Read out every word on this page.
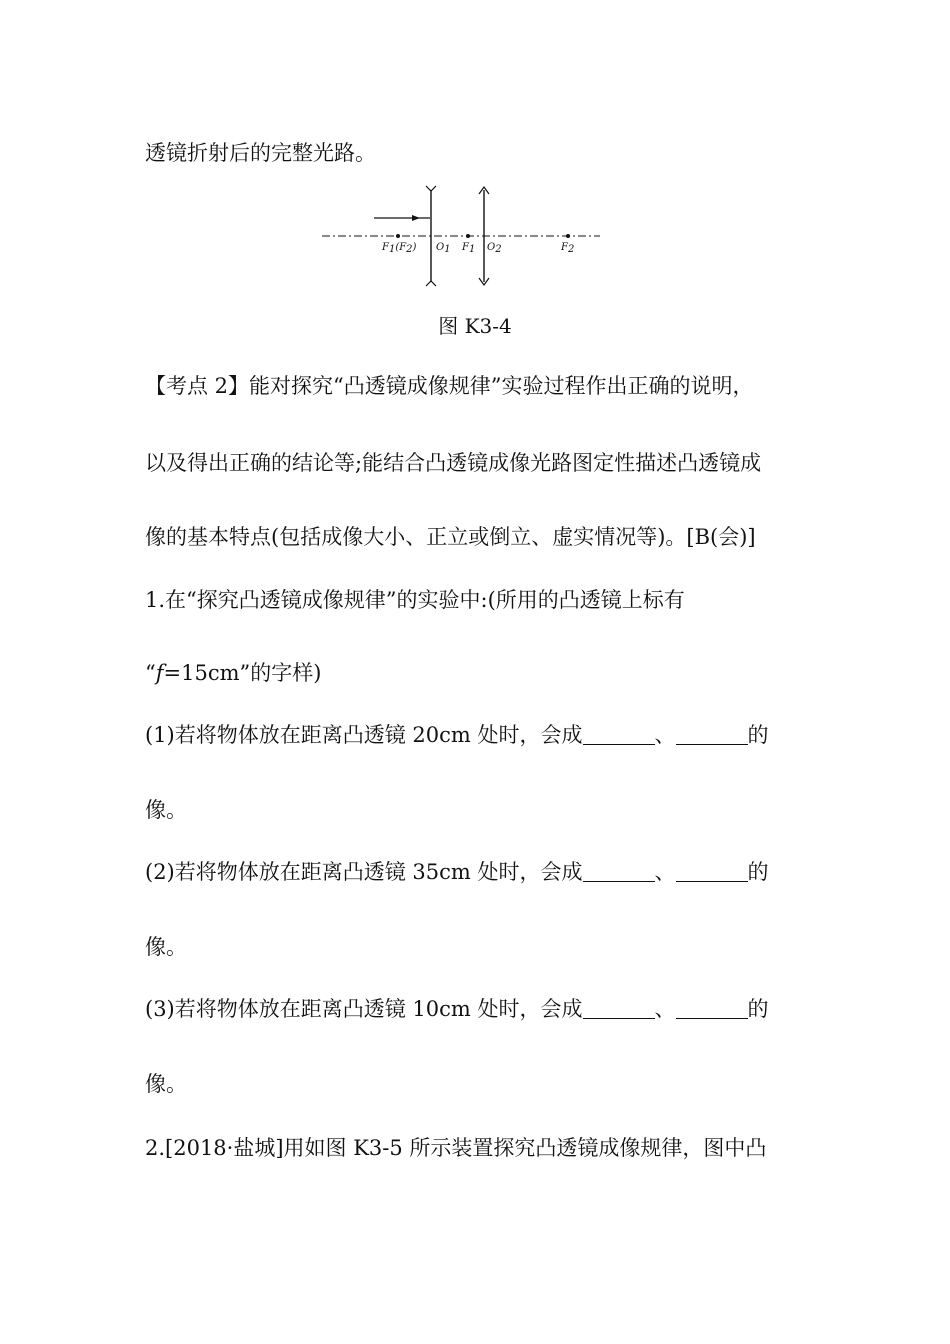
透镜折射后的完整光路。
F1(F2) O1 F1 O2	F2
图 K3-4
【考点 2】能对探究“凸透镜成像规律”实验过程作出正确的说明，
以及得出正确的结论等;能结合凸透镜成像光路图定性描述凸透镜成
像的基本特点(包括成像大小、正立或倒立、虚实情况等)。[B(会)]
1.在“探究凸透镜成像规律”的实验中:(所用的凸透镜上标有
“f=15cm”的字样)
(1)若将物体放在距离凸透镜 20cm 处时，会成	、	的
像。
(2)若将物体放在距离凸透镜 35cm 处时，会成	、	的
像。
(3)若将物体放在距离凸透镜 10cm 处时，会成	、	的
像。
2.[2018·盐城]用如图 K3-5 所示装置探究凸透镜成像规律，图中凸
